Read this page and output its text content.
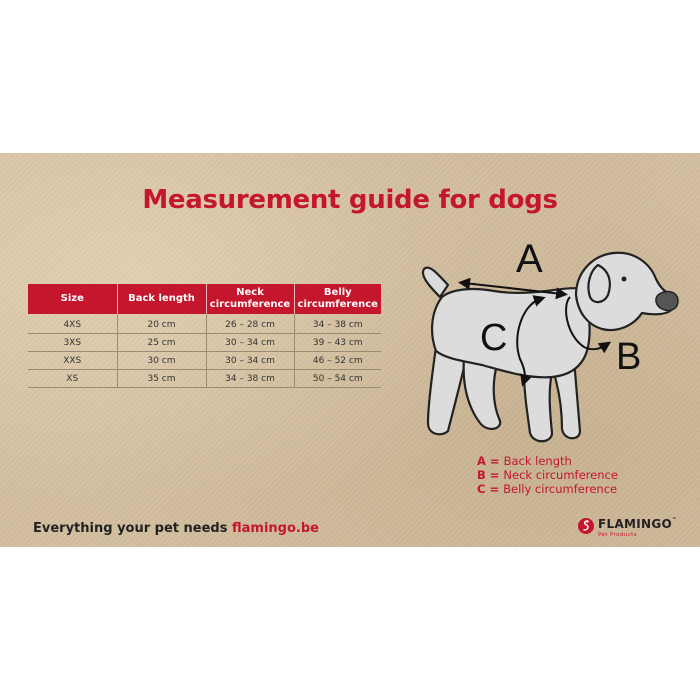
Measurement guide for dogs
Size	Back length	Neck circumference	Belly circumference
4XS	20 cm	26 – 28 cm	34 – 38 cm
3XS	25 cm	30 – 34 cm	39 – 43 cm
XXS	30 cm	30 – 34 cm	46 – 52 cm
XS	35 cm	34 – 38 cm	50 – 54 cm
A
B
C
A = Back length
B = Neck circumference
C = Belly circumference
Everything your pet needs flamingo.be	FLAMINGO™
Pet Products
